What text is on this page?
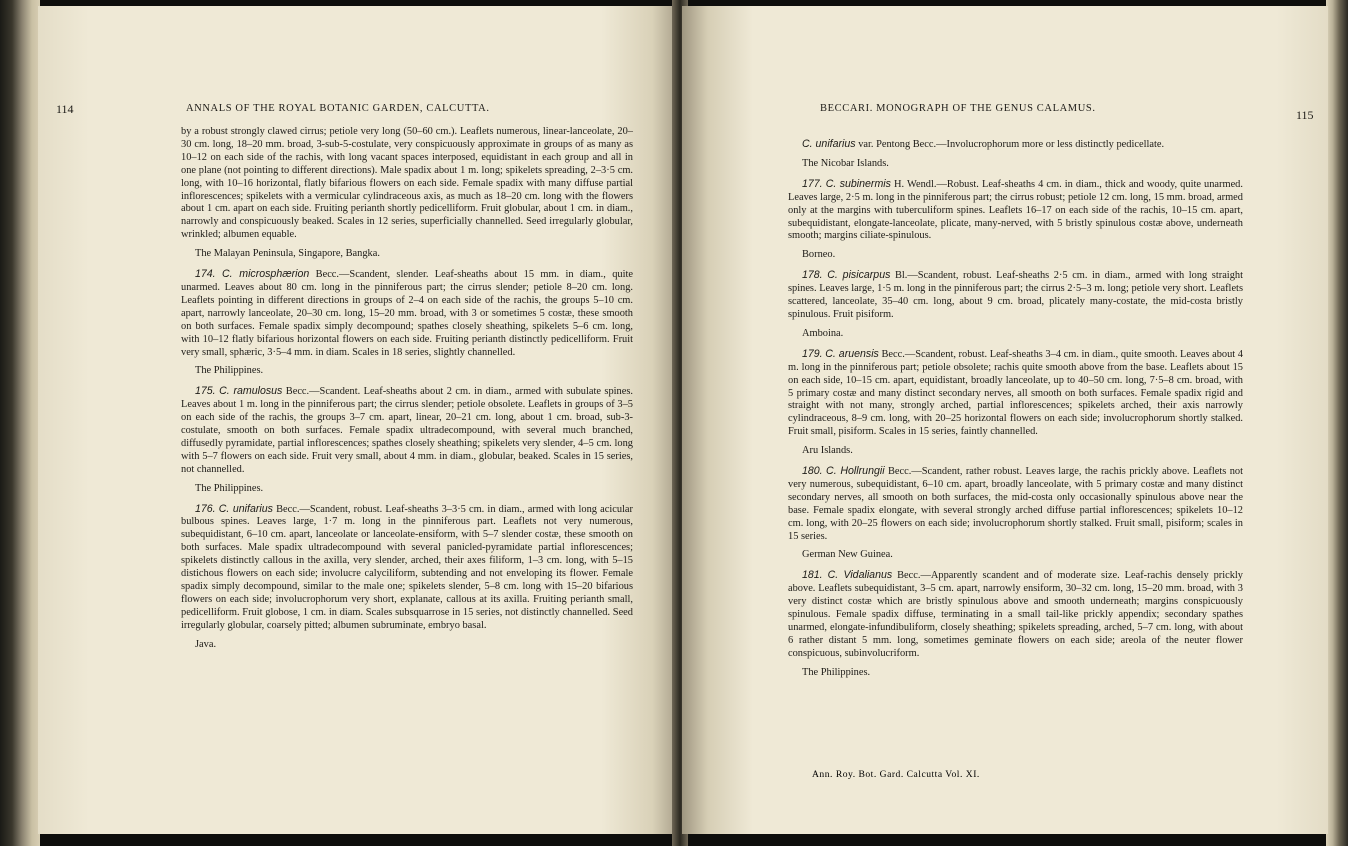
114	ANNALS OF THE ROYAL BOTANIC GARDEN, CALCUTTA.

by a robust strongly clawed cirrus; petiole very long (50–60 cm.). Leaflets numerous, linear-lanceolate, 20–30 cm. long, 18–20 mm. broad, 3-sub-5-costulate, very conspicuously approximate in groups of as many as 10–12 on each side of the rachis, with long vacant spaces interposed, equidistant in each group and all in one plane (not pointing to different directions). Male spadix about 1 m. long; spikelets spreading, 2–3·5 cm. long, with 10–16 horizontal, flatly bifarious flowers on each side. Female spadix with many diffuse partial inflorescences; spikelets with a vermicular cylindraceous axis, as much as 18–20 cm. long with the flowers about 1 cm. apart on each side. Fruiting perianth shortly pedicelliform. Fruit globular, about 1 cm. in diam., narrowly and conspicuously beaked. Scales in 12 series, superficially channelled. Seed irregularly globular, wrinkled; albumen equable.

The Malayan Peninsula, Singapore, Bangka.

174. C. microsphærion Becc.—Scandent, slender. Leaf-sheaths about 15 mm. in diam., quite unarmed. Leaves about 80 cm. long in the pinniferous part; the cirrus slender; petiole 8–20 cm. long. Leaflets pointing in different directions in groups of 2–4 on each side of the rachis, the groups 5–10 cm. apart, narrowly lanceolate, 20–30 cm. long, 15–20 mm. broad, with 3 or sometimes 5 costæ, these smooth on both surfaces. Female spadix simply decompound; spathes closely sheathing, spikelets 5–6 cm. long, with 10–12 flatly bifarious horizontal flowers on each side. Fruiting perianth distinctly pedicelliform. Fruit very small, sphæric, 3·5–4 mm. in diam. Scales in 18 series, slightly channelled.

The Philippines.

175. C. ramulosus Becc.—Scandent. Leaf-sheaths about 2 cm. in diam., armed with subulate spines. Leaves about 1 m. long in the pinniferous part; the cirrus slender; petiole obsolete. Leaflets in groups of 3–5 on each side of the rachis, the groups 3–7 cm. apart, linear, 20–21 cm. long, about 1 cm. broad, sub-3-costulate, smooth on both surfaces. Female spadix ultradecompound, with several much branched, diffusedly pyramidate, partial inflorescences; spathes closely sheathing; spikelets very slender, 4–5 cm. long with 5–7 flowers on each side. Fruit very small, about 4 mm. in diam., globular, beaked. Scales in 15 series, not channelled.

The Philippines.

176. C. unifarius Becc.—Scandent, robust. Leaf-sheaths 3–3·5 cm. in diam., armed with long acicular bulbous spines. Leaves large, 1·7 m. long in the pinniferous part. Leaflets not very numerous, subequidistant, 6–10 cm. apart, lanceolate or lanceolate-ensiform, with 5–7 slender costæ, these smooth on both surfaces. Male spadix ultradecompound with several panicled-pyramidate partial inflorescences; spikelets distinctly callous in the axilla, very slender, arched, their axes filiform, 1–3 cm. long, with 5–15 distichous flowers on each side; involucre calyciliform, subtending and not enveloping its flower. Female spadix simply decompound, similar to the male one; spikelets slender, 5–8 cm. long with 15–20 bifarious flowers on each side; involucrophorum very short, explanate, callous at its axilla. Fruiting perianth small, pedicelliform. Fruit globose, 1 cm. in diam. Scales subsquarrose in 15 series, not distinctly channelled. Seed irregularly globular, coarsely pitted; albumen subruminate, embryo basal.

Java.

BECCARI. MONOGRAPH OF THE GENUS CALAMUS.	115

C. unifarius var. Pentong Becc.—Involucrophorum more or less distinctly pedicellate.

The Nicobar Islands.

177. C. subinermis H. Wendl.—Robust. Leaf-sheaths 4 cm. in diam., thick and woody, quite unarmed. Leaves large, 2·5 m. long in the pinniferous part; the cirrus robust; petiole 12 cm. long, 15 mm. broad, armed only at the margins with tuberculiform spines. Leaflets 16–17 on each side of the rachis, 10–15 cm. apart, subequidistant, elongate-lanceolate, plicate, many-nerved, with 5 bristly spinulous costæ above, underneath smooth; margins ciliate-spinulous.

Borneo.

178. C. pisicarpus Bl.—Scandent, robust. Leaf-sheaths 2·5 cm. in diam., armed with long straight spines. Leaves large, 1·5 m. long in the pinniferous part; the cirrus 2·5–3 m. long; petiole very short. Leaflets scattered, lanceolate, 35–40 cm. long, about 9 cm. broad, plicately many-costate, the mid-costa bristly spinulous. Fruit pisiform.

Amboina.

179. C. aruensis Becc.—Scandent, robust. Leaf-sheaths 3–4 cm. in diam., quite smooth. Leaves about 4 m. long in the pinniferous part; petiole obsolete; rachis quite smooth above from the base. Leaflets about 15 on each side, 10–15 cm. apart, equidistant, broadly lanceolate, up to 40–50 cm. long, 7·5–8 cm. broad, with 5 primary costæ and many distinct secondary nerves, all smooth on both surfaces. Female spadix rigid and straight with not many, strongly arched, partial inflorescences; spikelets arched, their axis narrowly cylindraceous, 8–9 cm. long, with 20–25 horizontal flowers on each side; involucrophorum shortly stalked. Fruit small, pisiform. Scales in 15 series, faintly channelled.

Aru Islands.

180. C. Hollrungii Becc.—Scandent, rather robust. Leaves large, the rachis prickly above. Leaflets not very numerous, subequidistant, 6–10 cm. apart, broadly lanceolate, with 5 primary costæ and many distinct secondary nerves, all smooth on both surfaces, the mid-costa only occasionally spinulous above near the base. Female spadix elongate, with several strongly arched diffuse partial inflorescences; spikelets 10–12 cm. long, with 20–25 flowers on each side; involucrophorum shortly stalked. Fruit small, pisiform; scales in 15 series.

German New Guinea.

181. C. Vidalianus Becc.—Apparently scandent and of moderate size. Leaf-rachis densely prickly above. Leaflets subequidistant, 3–5 cm. apart, narrowly ensiform, 30–32 cm. long, 15–20 mm. broad, with 3 very distinct costæ which are bristly spinulous above and smooth underneath; margins conspicuously spinulous. Female spadix diffuse, terminating in a small tail-like prickly appendix; secondary spathes unarmed, elongate-infundibuliform, closely sheathing; spikelets spreading, arched, 5–7 cm. long, with about 6 rather distant 5 mm. long, sometimes geminate flowers on each side; areola of the neuter flower conspicuous, subinvolucriform.

The Philippines.

Ann. Roy. Bot. Gard. Calcutta Vol. XI.
